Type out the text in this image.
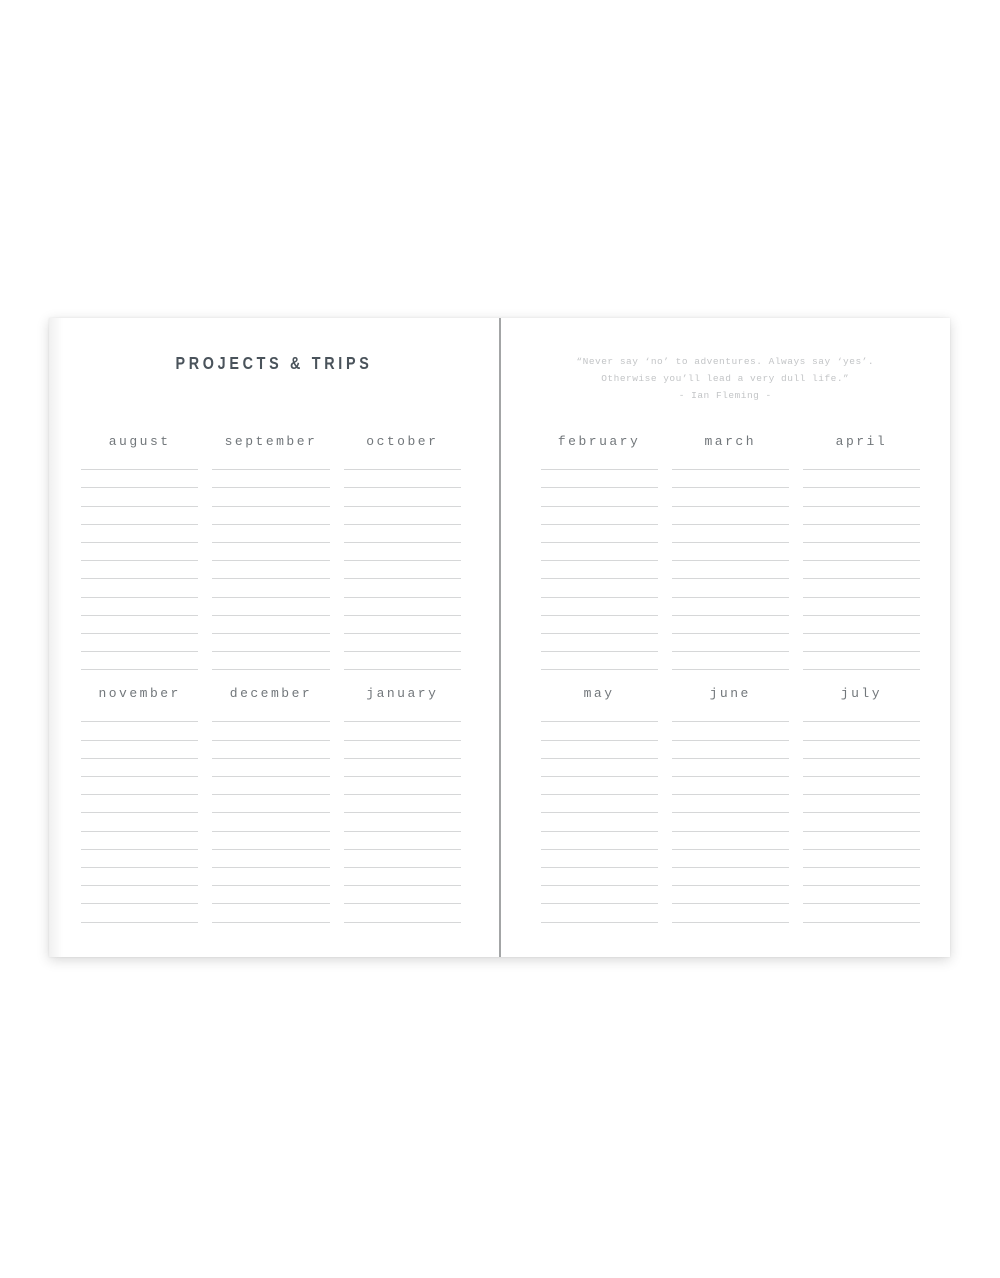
PROJECTS & TRIPS
august	september	october
november	december	january
“Never say ‘no’ to adventures. Always say ‘yes’.
Otherwise you’ll lead a very dull life.”
- Ian Fleming -
february	march	april
may	june	july
